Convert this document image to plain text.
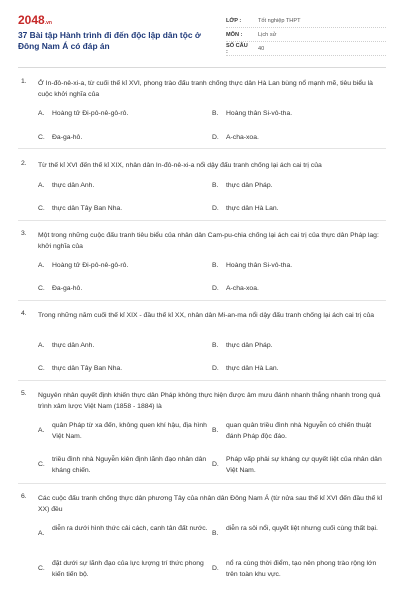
2048.vn
37 Bài tập Hành trình đi đến độc lập dân tộc ở Đông Nam Á có đáp án
LỚP :	Tốt nghiệp THPT
MÔN :	Lịch sử
SỐ CÂU :	40
1. Ở In-đô-nê-xi-a, từ cuối thế kỉ XVI, phong trào đấu tranh chống thực dân Hà Lan bùng nổ mạnh mẽ, tiêu biểu là cuộc khởi nghĩa của
A. Hoàng tử Đi-pô-nê-gô-rô.	B. Hoàng thân Si-vô-tha.
C. Đa-ga-hô.	D. A-cha-xoa.
2. Từ thế kỉ XVI đến thế kỉ XIX, nhân dân In-đô-nê-xi-a nổi dậy đấu tranh chống lại ách cai trị của
A. thực dân Anh.	B. thực dân Pháp.
C. thực dân Tây Ban Nha.	D. thực dân Hà Lan.
3. Một trong những cuộc đấu tranh tiêu biểu của nhân dân Cam-pu-chia chống lại ách cai trị của thực dân Pháp lag: khởi nghĩa của
A. Hoàng tử Đi-pô-nê-gô-rô.	B. Hoàng thân Si-vô-tha.
C. Đa-ga-hô.	D. A-cha-xoa.
4. Trong những năm cuối thế kỉ XIX - đầu thế kỉ XX, nhân dân Mi-an-ma nổi dậy đấu tranh chống lại ách cai trị của
A. thực dân Anh.	B. thực dân Pháp.
C. thực dân Tây Ban Nha.	D. thực dân Hà Lan.
5. Nguyên nhân quyết định khiến thực dân Pháp không thực hiện được âm mưu đánh nhanh thắng nhanh trong quá trình xâm lược Việt Nam (1858 - 1884) là
A.
quân Pháp từ xa đến, không quen khí hậu, địa hình Việt Nam.
B.
quan quân triều đình nhà Nguyễn có chiến thuật đánh Pháp độc đáo.
C.
triều đình nhà Nguyễn kiên định lãnh đạo nhân dân kháng chiến.
D.
Pháp vấp phải sự kháng cự quyết liệt của nhân dân Việt Nam.
6. Các cuộc đấu tranh chống thực dân phương Tây của nhân dân Đông Nam Á (từ nửa sau thế kỉ XVI đến đầu thế kỉ XX) đều
A.
diễn ra dưới hình thức cải cách, canh tân đất nước.
B.
diễn ra sôi nổi, quyết liệt nhưng cuối cùng thất bại.
C.
đặt dưới sự lãnh đạo của lực lượng trí thức phong kiến tiến bộ.
D.
nổ ra cùng thời điểm, tạo nên phong trào rộng lớn trên toàn khu vực.
